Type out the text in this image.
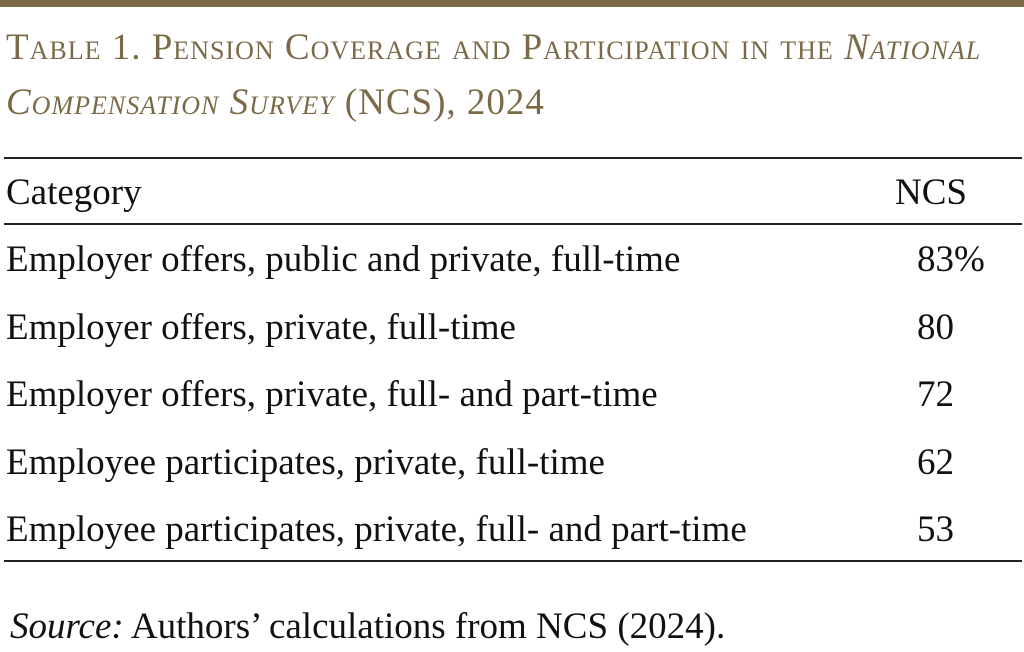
Table 1. Pension Coverage and Participation in the National Compensation Survey (NCS), 2024
Category	NCS
Employer offers, public and private, full-time	83%
Employer offers, private, full-time	80
Employer offers, private, full- and part-time	72
Employee participates, private, full-time	62
Employee participates, private, full- and part-time	53
Source: Authors’ calculations from NCS (2024).
